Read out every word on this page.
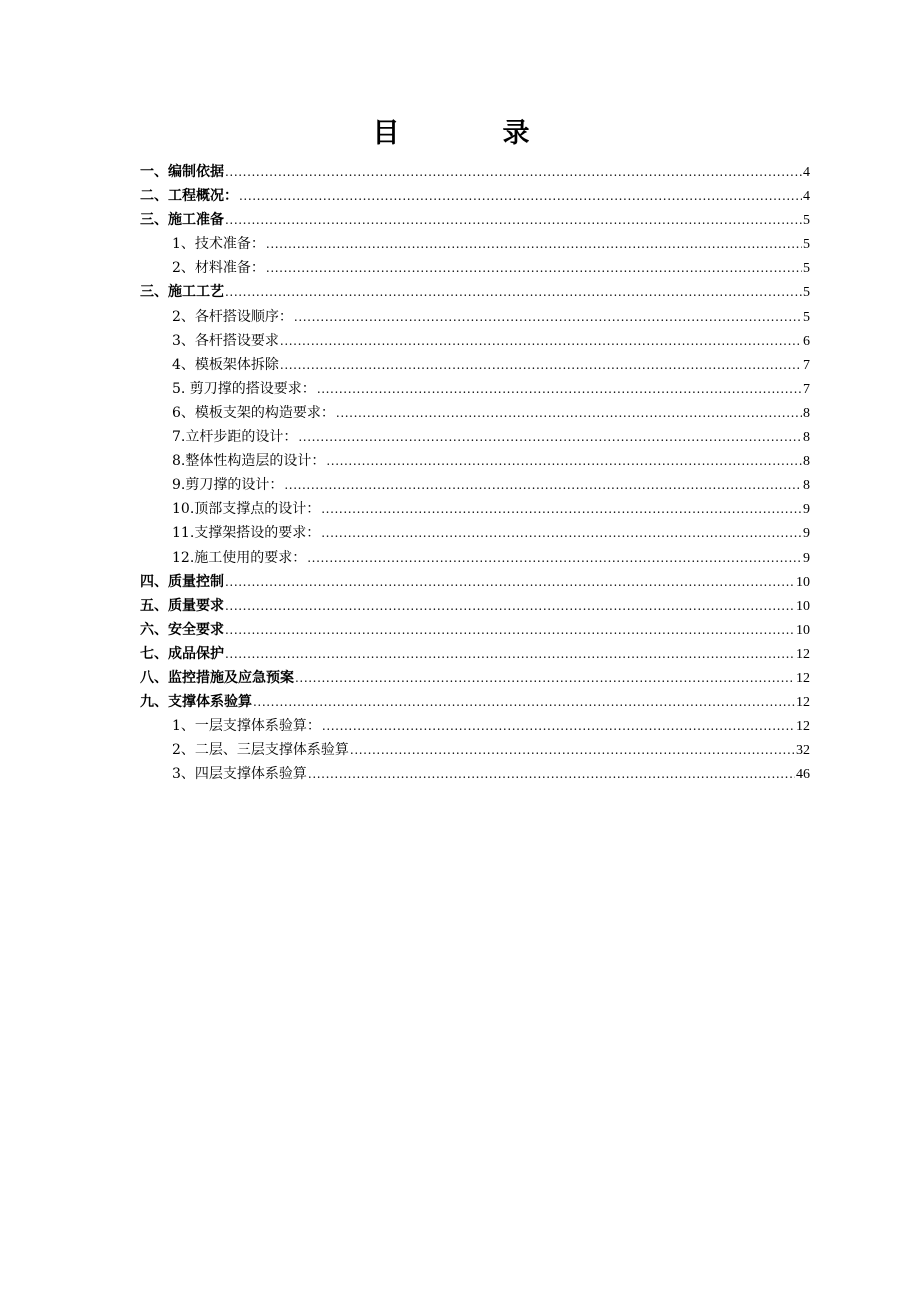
目　录
一、编制依据 .....	4
二、工程概况： .....	4
三、施工准备 .....	5
1、技术准备： .....	5
2、材料准备： .....	5
三、施工工艺 .....	5
2、各杆搭设顺序： .....	5
3、各杆搭设要求 .....	6
4、模板架体拆除 .....	7
5. 剪刀撑的搭设要求： .....	7
6、模板支架的构造要求： .....	8
7.立杆步距的设计： .....	8
8.整体性构造层的设计： .....	8
9.剪刀撑的设计： .....	8
10.顶部支撑点的设计： .....	9
11.支撑架搭设的要求： .....	9
12.施工使用的要求： .....	9
四、质量控制 .....	10
五、质量要求 .....	10
六、安全要求 .....	10
七、成品保护 .....	12
八、监控措施及应急预案 .....	12
九、支撑体系验算 .....	12
1、一层支撑体系验算： .....	12
2、二层、三层支撑体系验算 .....	32
3、四层支撑体系验算 .....	46
